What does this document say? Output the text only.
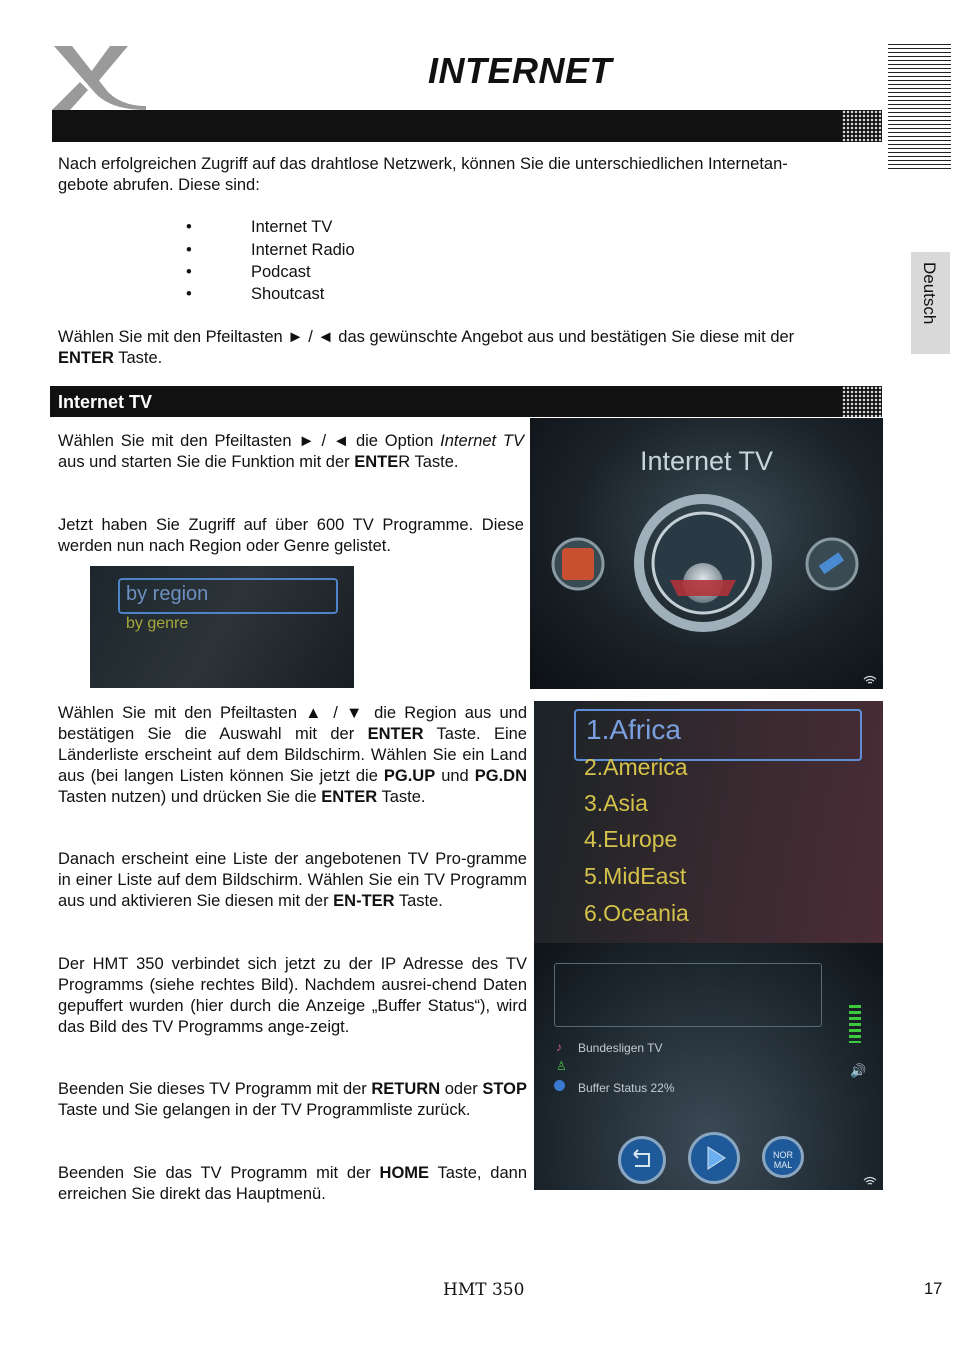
INTERNET
Deutsch

Nach erfolgreichen Zugriff auf das drahtlose Netzwerk, können Sie die unterschiedlichen Internetan-

gebote abrufen. Diese sind:

•	Internet TV
•	Internet Radio
•	Podcast
•	Shoutcast

Wählen Sie mit den Pfeiltasten ► / ◄ das gewünschte Angebot aus und bestätigen Sie diese mit der

ENTER Taste.

Internet TV

Wählen Sie mit den Pfeiltasten ► / ◄ die Option Internet TV aus und starten Sie die Funktion mit der ENTER Taste.

Jetzt haben Sie Zugriff auf über 600 TV Programme. Diese werden nun nach Region oder Genre gelistet.

Wählen Sie mit den Pfeiltasten ▲ / ▼ die Region aus und bestätigen Sie die Auswahl mit der ENTER Taste. Eine Länderliste erscheint auf dem Bildschirm. Wählen Sie ein Land aus (bei langen Listen können Sie jetzt die PG.UP und PG.DN Tasten nutzen) und drücken Sie die ENTER Taste.

Danach erscheint eine Liste der angebotenen TV Pro-gramme in einer Liste auf dem Bildschirm. Wählen Sie ein TV Programm aus und aktivieren Sie diesen mit der EN-TER Taste.

Der HMT 350 verbindet sich jetzt zu der IP Adresse des TV Programms (siehe rechtes Bild). Nachdem ausrei-chend Daten gepuffert wurden (hier durch die Anzeige „Buffer Status“), wird das Bild des TV Programms ange-zeigt.

Beenden Sie dieses TV Programm mit der RETURN oder STOP Taste und Sie gelangen in der TV Programmliste zurück.

Beenden Sie das TV Programm mit der HOME Taste, dann erreichen Sie direkt das Hauptmenü.

Internet TV
by region
by genre
1.Africa
2.America
3.Asia
4.Europe
5.MidEast
6.Oceania
🔊
♪ Bundesligen TV
♙
Buffer Status 22%
NOR MAL
HMT 350	17
